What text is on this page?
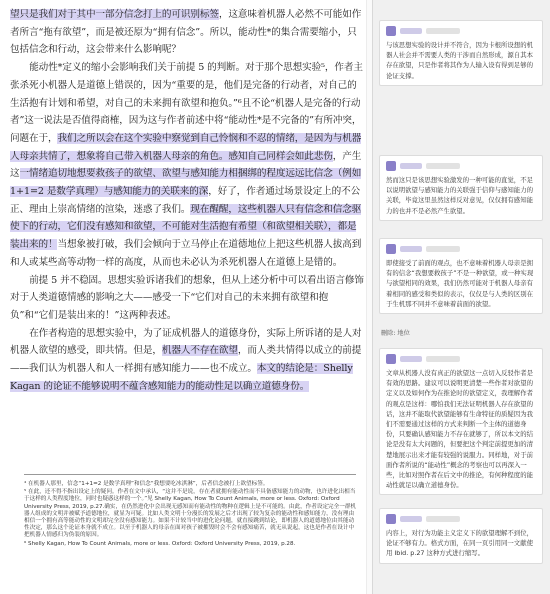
望只是我们对于其中一部分信念打上的可识别标签，这意味着机器人必然不可能如作者所言“拖有欲望”，而是被还原为“拥有信念”。所以，能动性*的集合需要缩小，只包括信念和行动，这会带来什么影响呢？

能动性*定义的缩小会影响我们关于前提 5 的判断。对于那个思想实验⁵，作者主张杀死小机器人是道德上错误的，因为“重要的是，他们是完备的行动者，对自己的生活抱有计划和希望，对自己的未来拥有欲望和抱负。”⁶且不论“机器人是完备的行动者”这一说法是否值得商榷，因为这与作者前述中将“能动性*是不完备的”有所冲突，问题在于，我们之所以会在这个实验中察觉到自己怜悯和不忍的情绪，是因为与机器人母亲共情了，想象将自己带入机器人母亲的角色。感知自己同样会如此悲伤，产生这一情绪追切地想要救孩子的欲望、欲望与感知能力相捆绑的程度远远比信念（例如 1+1=2 是数学真理）与感知能力的关联来的深，好了，作者通过场景设定上的不公正、理由上崇高情绪的渲染，迷惑了我们。现在醒醒，这些机器人只有信念和信念驱使下的行动，它们没有感知和欲望，不可能对生活抱有希望（和欲望相关联），都是装出来的！当想象被打破，我们会倾向于立马停止在道德地位上把这些机器人拔高到和人或某些高等动物一样的高度，从而也未必认为杀死机器人在道德上是错的。

前提 5 并不稳固。思想实验诉诸我们的想象，但从上述分析中可以看出语言修饰对于人类道德情感的影响之大——感受一下“它们对自己的未来拥有欲望和抱负”和“它们是装出来的！”这两种表述。

在作者构造的思想实验中，为了证成机器人的道德身份，实际上所诉诸的是人对机器人欲望的感受，即共情。但是，机器人不存在欲望，而人类共情得以成立的前提——我们认为机器人和人一样拥有感知能力——也不成立。本文的结论是：Shelly Kagan 的论证不能够说明不蕴含感知能力的能动性足以确立道德身份。

⁴ 在机器人那里，信念“1+1=2 是数学真理”和信念“我想要吃冰淇淋”，后者信念被打上欲望标签。

⁵ 在此，还不得不指出设定上的疑问。作者在文中承认，“这并不是说，存在者就拥有能动性而不具备感知能力的动物，也许进化出相当于这样的人类程度地位，同时也疑惑这样的一个。”见 Shelly Kagan, How To Count Animals, more or less. Oxford: Oxford University Press, 2019, p.27.确实，在仍然进化中会出现无感知而有能动性的物种在逻辑上是不可能的。由此，作者设定完全一群机器人组成的文明并被赋予道德地位，就显为可疑。比如人类文明十分漫长的发展之后才出现了较为复杂的能动性和感知能力，没有理由相信一个拥有高等能动性的文明却完全没有感知能力。如果不计较当中的进化论问题，就直接跳到结论，即机器人的道德地位由其能动性决定，那么这个论证本身就不成立。以至于机器人的母亲在面对孩子被摧毁时会不会有感知痛苦，就无从说起，这也是作者在设计中把机器人情感归为伪装的原因。

⁶ Shelly Kagan, How To Count Animals, more or less. Oxford: Oxford University Press, 2019, p.28.

与该思想实验的设计并不符合，因为卡根所设想的机器人社会并不需要人类的干涉而自然形成，源自其本存在欲望，只是作者将其作为人输入设有得到足够的论证支撑。

然而这只是该思想实验激发的一种可能的直觉，不足以说明欲望与感知能力的关联强于信仰与感知能力的关联，毕竟这里虽然这样反对意见，仅仅拥有感知能力的也并不是必然产生欲望。

即使接受了前面的观点，也不意味着机器人母亲是拥有的信念“我想要救孩子”不是一种欲望，或一种实现与欲望相同的效果，我们仍然可能对于机器人母亲有着相同的感受和类似的表示，仅仅是与人类的区别在于生机那不同并不意味着前面的欲望。

删除: 地位

文章从机器人没有真正的欲望这一点切入反驳作者是有效的思路。建议可以说明更清楚一些作者对欲望的定义以及如何作为在推论时的欲望定义，我理解作者的观点是这样：哪怕我们无法证明机器人存在欲望的话，这并不能取代欲望能够有生命特征的质疑因为我们不需要通过这样的方式来判断一个主体的道德身份，只要确认感知能力不存在就够了，所以本文的结论是没有太大问题的，但要把这个判定前提更加的清楚地展示出来才能有较强的说服力。同样地，对于前面作者所说的“能动性”概念的考察也可以再深入一些，比如对照作者在后文中的推论，有何种程度的能动性就足以确立道德身份。

内容上，对行为功能主义定义下的欲望理解不到位，论证不够有力。格式方面，在同一页引用同一文献使用 Ibid. p.27 这种方式进行缩写。
